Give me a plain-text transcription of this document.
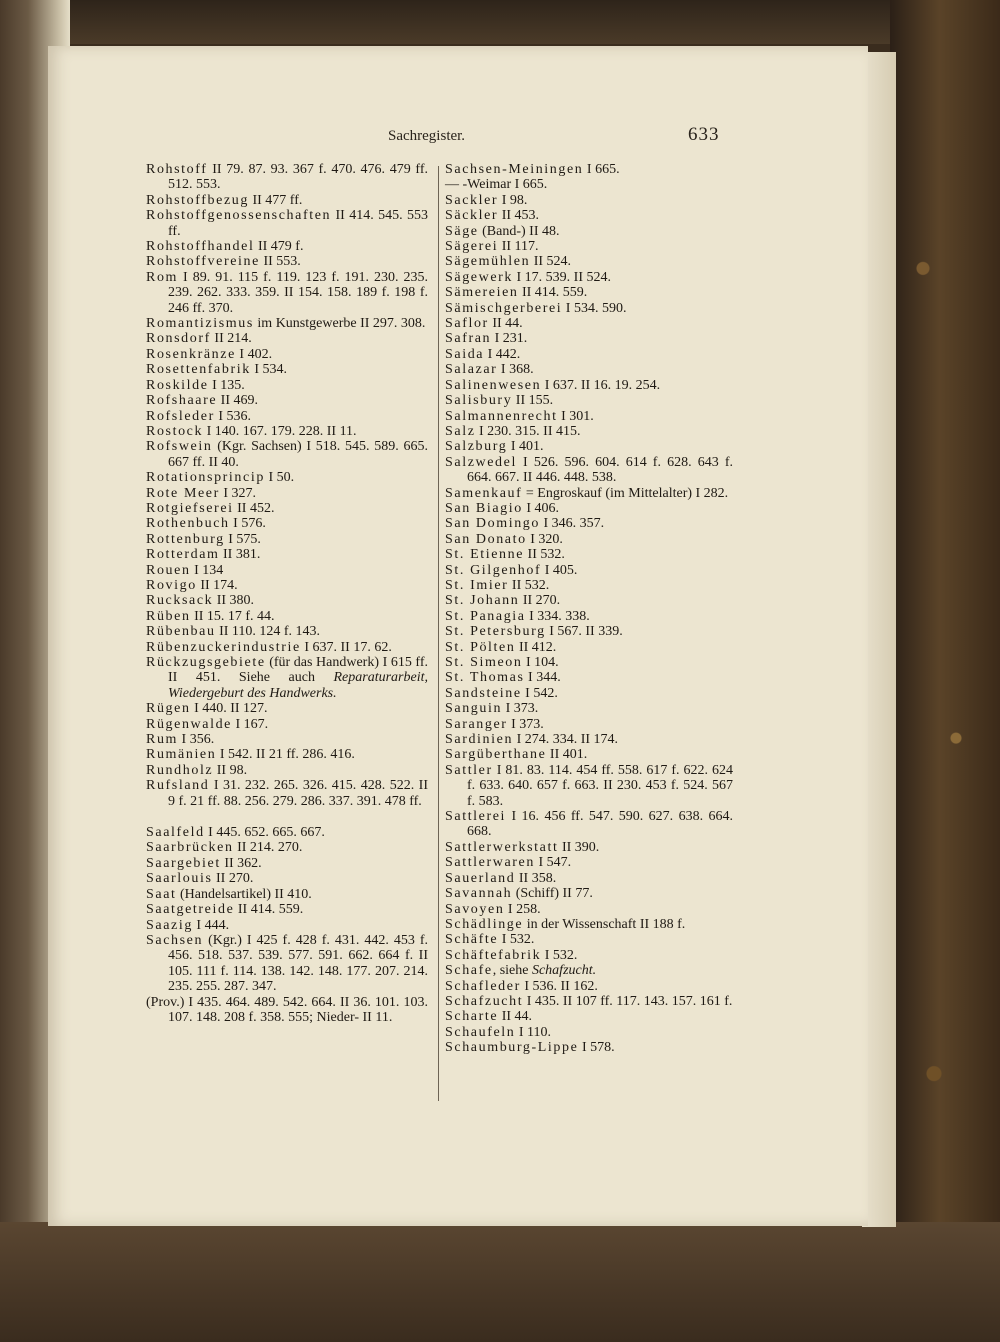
Sachregister.	633

Rohstoff II 79. 87. 93. 367 f. 470. 476. 479 ff. 512. 553.

Rohstoffbezug II 477 ff.

Rohstoffgenossenschaften II 414. 545. 553 ff.

Rohstoffhandel II 479 f.

Rohstoffvereine II 553.

Rom I 89. 91. 115 f. 119. 123 f. 191. 230. 235. 239. 262. 333. 359. II 154. 158. 189 f. 198 f. 246 ff. 370.

Romantizismus im Kunstgewerbe II 297. 308.

Ronsdorf II 214.

Rosenkränze I 402.

Rosettenfabrik I 534.

Roskilde I 135.

Rofshaare II 469.

Rofsleder I 536.

Rostock I 140. 167. 179. 228. II 11.

Rofswein (Kgr. Sachsen) I 518. 545. 589. 665. 667 ff. II 40.

Rotationsprincip I 50.

Rote Meer I 327.

Rotgiefserei II 452.

Rothenbuch I 576.

Rottenburg I 575.

Rotterdam II 381.

Rouen I 134

Rovigo II 174.

Rucksack II 380.

Rüben II 15. 17 f. 44.

Rübenbau II 110. 124 f. 143.

Rübenzuckerindustrie I 637. II 17. 62.

Rückzugsgebiete (für das Handwerk) I 615 ff. II 451. Siehe auch Reparaturarbeit, Wiedergeburt des Handwerks.

Rügen I 440. II 127.

Rügenwalde I 167.

Rum I 356.

Rumänien I 542. II 21 ff. 286. 416.

Rundholz II 98.

Rufsland I 31. 232. 265. 326. 415. 428. 522. II 9 f. 21 ff. 88. 256. 279. 286. 337. 391. 478 ff.

Saalfeld I 445. 652. 665. 667.

Saarbrücken II 214. 270.

Saargebiet II 362.

Saarlouis II 270.

Saat (Handelsartikel) II 410.

Saatgetreide II 414. 559.

Saazig I 444.

Sachsen (Kgr.) I 425 f. 428 f. 431. 442. 453 f. 456. 518. 537. 539. 577. 591. 662. 664 f. II 105. 111 f. 114. 138. 142. 148. 177. 207. 214. 235. 255. 287. 347.

(Prov.) I 435. 464. 489. 542. 664. II 36. 101. 103. 107. 148. 208 f. 358. 555; Nieder- II 11.

Sachsen-Meiningen I 665.

— -Weimar I 665.

Sackler I 98.

Säckler II 453.

Säge (Band-) II 48.

Sägerei II 117.

Sägemühlen II 524.

Sägewerk I 17. 539. II 524.

Sämereien II 414. 559.

Sämischgerberei I 534. 590.

Saflor II 44.

Safran I 231.

Saida I 442.

Salazar I 368.

Salinenwesen I 637. II 16. 19. 254.

Salisbury II 155.

Salmannenrecht I 301.

Salz I 230. 315. II 415.

Salzburg I 401.

Salzwedel I 526. 596. 604. 614 f. 628. 643 f. 664. 667. II 446. 448. 538.

Samenkauf = Engroskauf (im Mittelalter) I 282.

San Biagio I 406.

San Domingo I 346. 357.

San Donato I 320.

St. Etienne II 532.

St. Gilgenhof I 405.

St. Imier II 532.

St. Johann II 270.

St. Panagia I 334. 338.

St. Petersburg I 567. II 339.

St. Pölten II 412.

St. Simeon I 104.

St. Thomas I 344.

Sandsteine I 542.

Sanguin I 373.

Saranger I 373.

Sardinien I 274. 334. II 174.

Sargüberthane II 401.

Sattler I 81. 83. 114. 454 ff. 558. 617 f. 622. 624 f. 633. 640. 657 f. 663. II 230. 453 f. 524. 567 f. 583.

Sattlerei I 16. 456 ff. 547. 590. 627. 638. 664. 668.

Sattlerwerkstatt II 390.

Sattlerwaren I 547.

Sauerland II 358.

Savannah (Schiff) II 77.

Savoyen I 258.

Schädlinge in der Wissenschaft II 188 f.

Schäfte I 532.

Schäftefabrik I 532.

Schafe, siehe Schafzucht.

Schafleder I 536. II 162.

Schafzucht I 435. II 107 ff. 117. 143. 157. 161 f.

Scharte II 44.

Schaufeln I 110.

Schaumburg-Lippe I 578.
